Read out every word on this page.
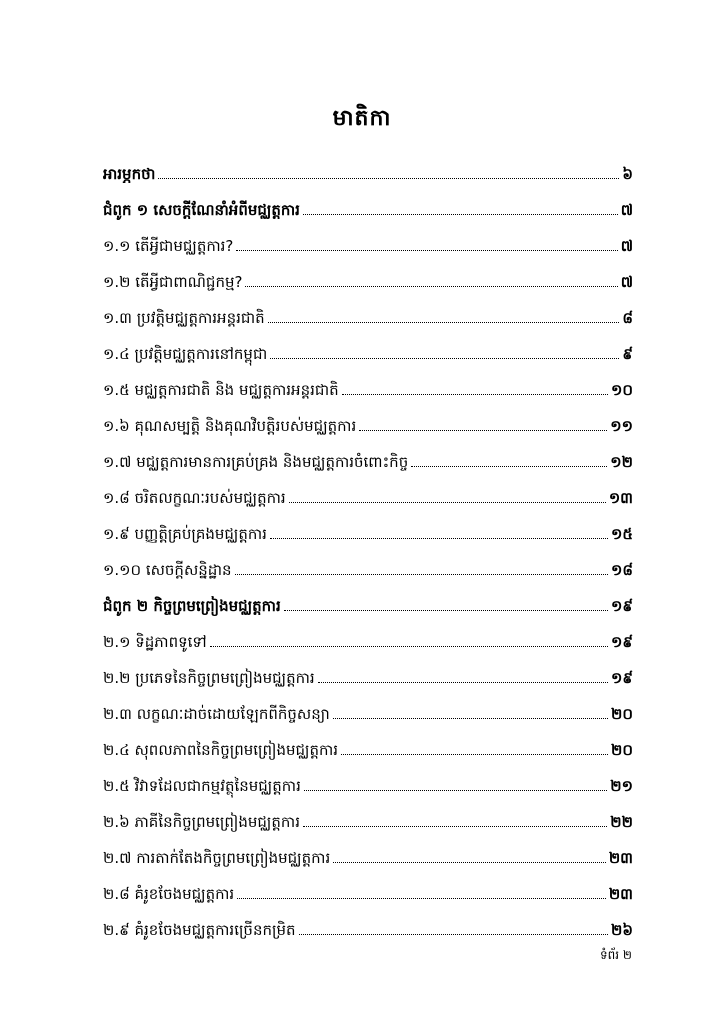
មាតិកា
អារម្ភកថា	៦
ជំពូក ១ សេចក្តីណែនាំអំពីមជ្ឈត្តការ	៧
១.១ តើអ្វីជាមជ្ឈត្តការ?	៧
១.២ តើអ្វីជាពាណិជ្ជកម្ម?	៧
១.៣ ប្រវត្តិមជ្ឈត្តការអន្តរជាតិ	៨
១.៤ ប្រវត្តិមជ្ឈត្តការនៅកម្ពុជា	៩
១.៥ មជ្ឈត្តការជាតិ និង មជ្ឈត្តការអន្តរជាតិ	១០
១.៦ គុណសម្បត្តិ និងគុណវិបត្តិរបស់មជ្ឈត្តការ	១១
១.៧ មជ្ឈត្តការមានការគ្រប់គ្រង និងមជ្ឈត្តការចំពោះកិច្ច	១២
១.៨ ចរិតលក្ខណៈរបស់មជ្ឈត្តការ	១៣
១.៩ បញ្ញត្តិគ្រប់គ្រងមជ្ឈត្តការ	១៥
១.១០ សេចក្តីសន្និដ្ឋាន	១៨
ជំពូក ២ កិច្ចព្រមព្រៀងមជ្ឈត្តការ	១៩
២.១ ទិដ្ឋភាពទូទៅ	១៩
២.២ ប្រភេទនៃកិច្ចព្រមព្រៀងមជ្ឈត្តការ	១៩
២.៣ លក្ខណៈដាច់ដោយឡែកពីកិច្ចសន្យា	២០
២.៤ សុពលភាពនៃកិច្ចព្រមព្រៀងមជ្ឈត្តការ	២០
២.៥ វិវាទដែលជាកម្មវត្ថុនៃមជ្ឈត្តការ	២១
២.៦ ភាគីនៃកិច្ចព្រមព្រៀងមជ្ឈត្តការ	២២
២.៧ ការតាក់តែងកិច្ចព្រមព្រៀងមជ្ឈត្តការ	២៣
២.៨ គំរូខចែងមជ្ឈត្តការ	២៣
២.៩ គំរូខចែងមជ្ឈត្តការច្រើនកម្រិត	២៦
ទំព័រ ២
